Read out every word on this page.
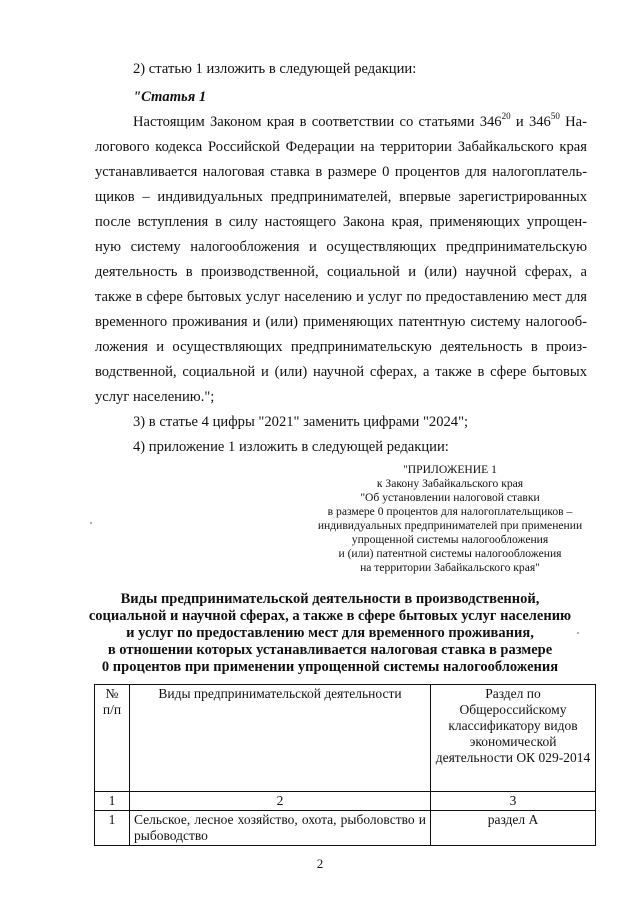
2) статью 1 изложить в следующей редакции:
"Статья 1
Настоящим Законом края в соответствии со статьями $346^{20}$ и $346^{50}$ На-
логового кодекса Российской Федерации на территории Забайкальского края
устанавливается налоговая ставка в размере 0 процентов для налогоплатель-
щиков – индивидуальных предпринимателей, впервые зарегистрированных
после вступления в силу настоящего Закона края, применяющих упрощен-
ную систему налогообложения и осуществляющих предпринимательскую
деятельность в производственной, социальной и (или) научной сферах, а
также в сфере бытовых услуг населению и услуг по предоставлению мест для
временного проживания и (или) применяющих патентную систему налогооб-
ложения и осуществляющих предпринимательскую деятельность в произ-
водственной, социальной и (или) научной сферах, а также в сфере бытовых
услуг населению.";
3) в статье 4 цифры "2021" заменить цифрами "2024";
4) приложение 1 изложить в следующей редакции:
"ПРИЛОЖЕНИЕ 1
к Закону Забайкальского края
"Об установлении налоговой ставки
в размере 0 процентов для налогоплательщиков –
индивидуальных предпринимателей при применении
упрощенной системы налогообложения
и (или) патентной системы налогообложения
на территории Забайкальского края"
Виды предпринимательской деятельности в производственной,
социальной и научной сферах, а также в сфере бытовых услуг населению
и услуг по предоставлению мест для временного проживания,
в отношении которых устанавливается налоговая ставка в размере
0 процентов при применении упрощенной системы налогообложения
№ п/п	Виды предпринимательской деятельности	Раздел по Общероссийскому классификатору видов экономической деятельности ОК 029-2014
1	2	3
1	Сельское, лесное хозяйство, охота, рыболовство и рыбоводство	раздел А
2
